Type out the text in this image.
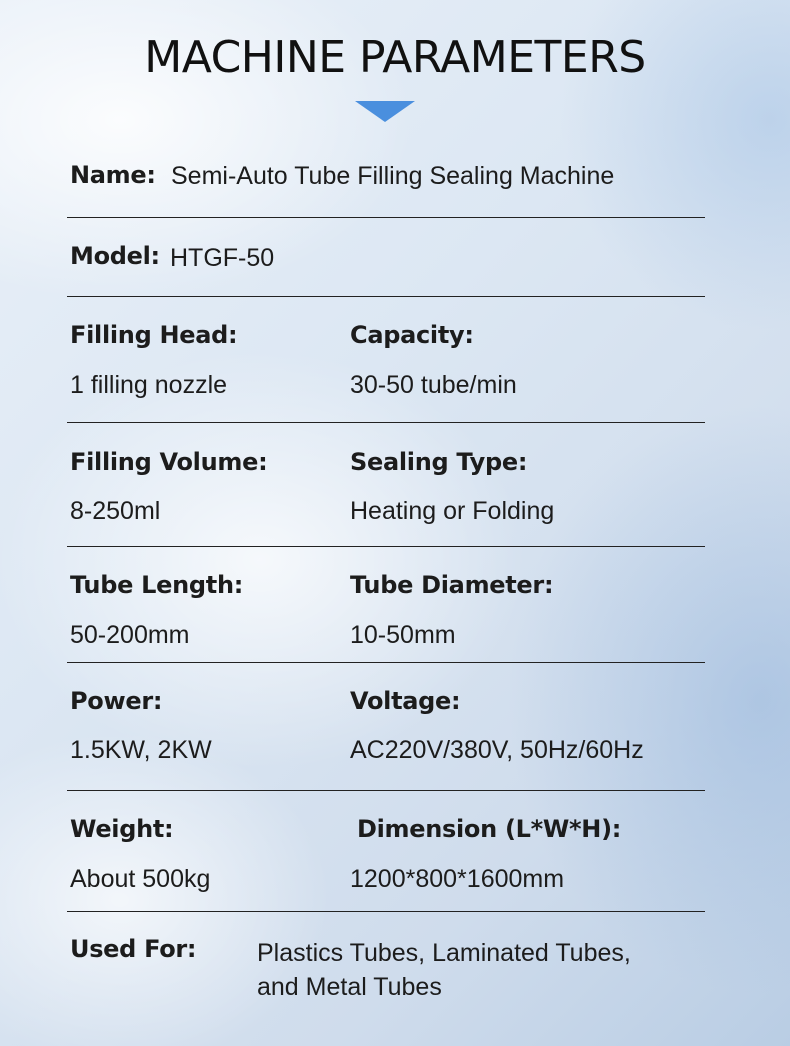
MACHINE PARAMETERS
Name: Semi-Auto Tube Filling Sealing Machine
Model: HTGF-50
Filling Head:
1 filling nozzle
Capacity:
30-50 tube/min
Filling Volume:
8-250ml
Sealing Type:
Heating or Folding
Tube Length:
50-200mm
Tube Diameter:
10-50mm
Power:
1.5KW, 2KW
Voltage:
AC220V/380V, 50Hz/60Hz
Weight:
About 500kg
Dimension (L*W*H):
1200*800*1600mm
Used For: Plastics Tubes, Laminated Tubes,
and Metal Tubes
